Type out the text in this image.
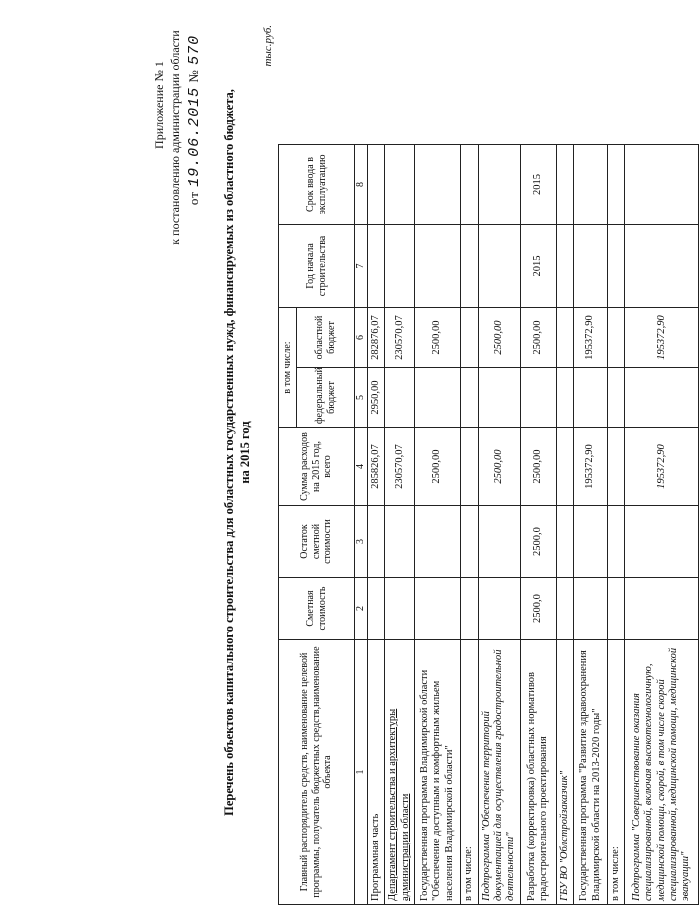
Приложение № 1 к постановлению администрации области от 19.06.2015 № 570
Перечень объектов капитального строительства для областных государственных нужд, финансируемых из областного бюджета, на 2015 год
тыс.руб.
Главный распорядитель средств, наименование целевой программы, получатель бюджетных средств,наименование объекта	Сметная стоимость	Остаток сметной стоимости	Сумма расходов на 2015 год, всего	в том числе:		Год начала строительства	Срок ввода в эксплуатацию
				федеральный бюджет	областной бюджет		
1	2	3	4	5	6	7	8
Программная часть			285826,07	2950,00	282876,07		
Департамент строительства и архитектуры администрации области			230570,07		230570,07		
Государственная программа Владимирской области "Обеспечение доступным и комфортным жильем населения Владимирской области"			2500,00		2500,00		
в том числе:							
Подпрограмма "Обеспечение территорий документацией для осуществления градостроительной деятельности"			2500,00		2500,00		
Разработка (корректировка) областных нормативов градостроительного проектирования	2500,0	2500,0	2500,00		2500,00	2015	2015
ГБУ ВО "Облстройзаказчик"							
Государственная программа "Развитие здравоохранения Владимирской области на 2013-2020 годы"			195372,90		195372,90		
в том числе:							
Подпрограмма "Совершенствование оказания специализированной, включая высокотехнологичную, медицинской помощи, скорой, в том числе скорой специализированной, медицинской помощи, медицинской эвакуации"			195372,90		195372,90		
